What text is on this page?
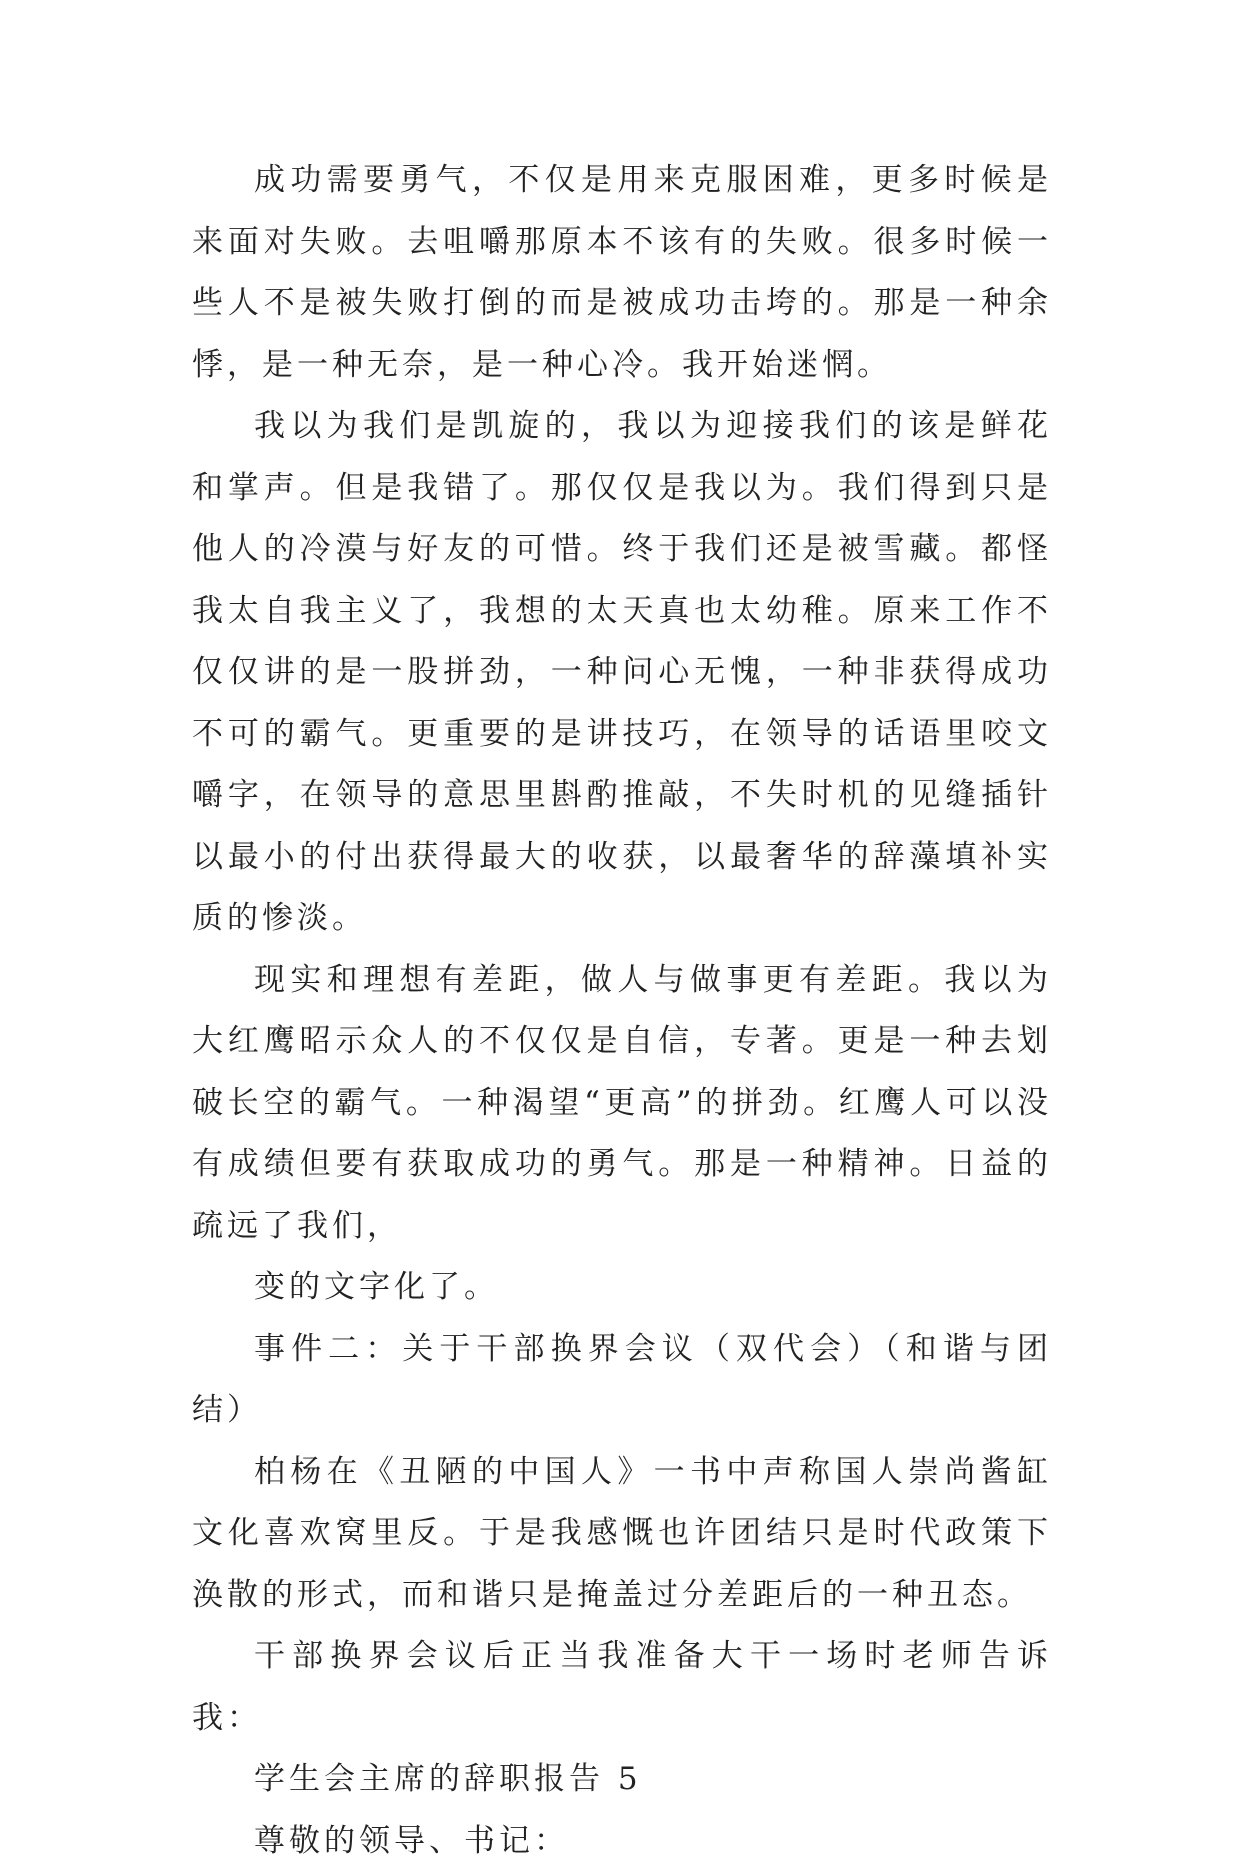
成功需要勇气，不仅是用来克服困难，更多时候是来面对失败。去咀嚼那原本不该有的失败。很多时候一些人不是被失败打倒的而是被成功击垮的。那是一种余悸，是一种无奈，是一种心冷。我开始迷惘。

我以为我们是凯旋的，我以为迎接我们的该是鲜花和掌声。但是我错了。那仅仅是我以为。我们得到只是他人的冷漠与好友的可惜。终于我们还是被雪藏。都怪我太自我主义了，我想的太天真也太幼稚。原来工作不仅仅讲的是一股拼劲，一种问心无愧，一种非获得成功不可的霸气。更重要的是讲技巧，在领导的话语里咬文嚼字，在领导的意思里斟酌推敲，不失时机的见缝插针以最小的付出获得最大的收获，以最奢华的辞藻填补实质的惨淡。

现实和理想有差距，做人与做事更有差距。我以为大红鹰昭示众人的不仅仅是自信，专著。更是一种去划破长空的霸气。一种渴望“更高”的拼劲。红鹰人可以没有成绩但要有获取成功的勇气。那是一种精神。日益的疏远了我们，

变的文字化了。

事件二：关于干部换界会议（双代会）（和谐与团结）

柏杨在《丑陋的中国人》一书中声称国人崇尚酱缸文化喜欢窝里反。于是我感慨也许团结只是时代政策下涣散的形式，而和谐只是掩盖过分差距后的一种丑态。

干部换界会议后正当我准备大干一场时老师告诉我：

学生会主席的辞职报告 5

尊敬的领导、书记：
